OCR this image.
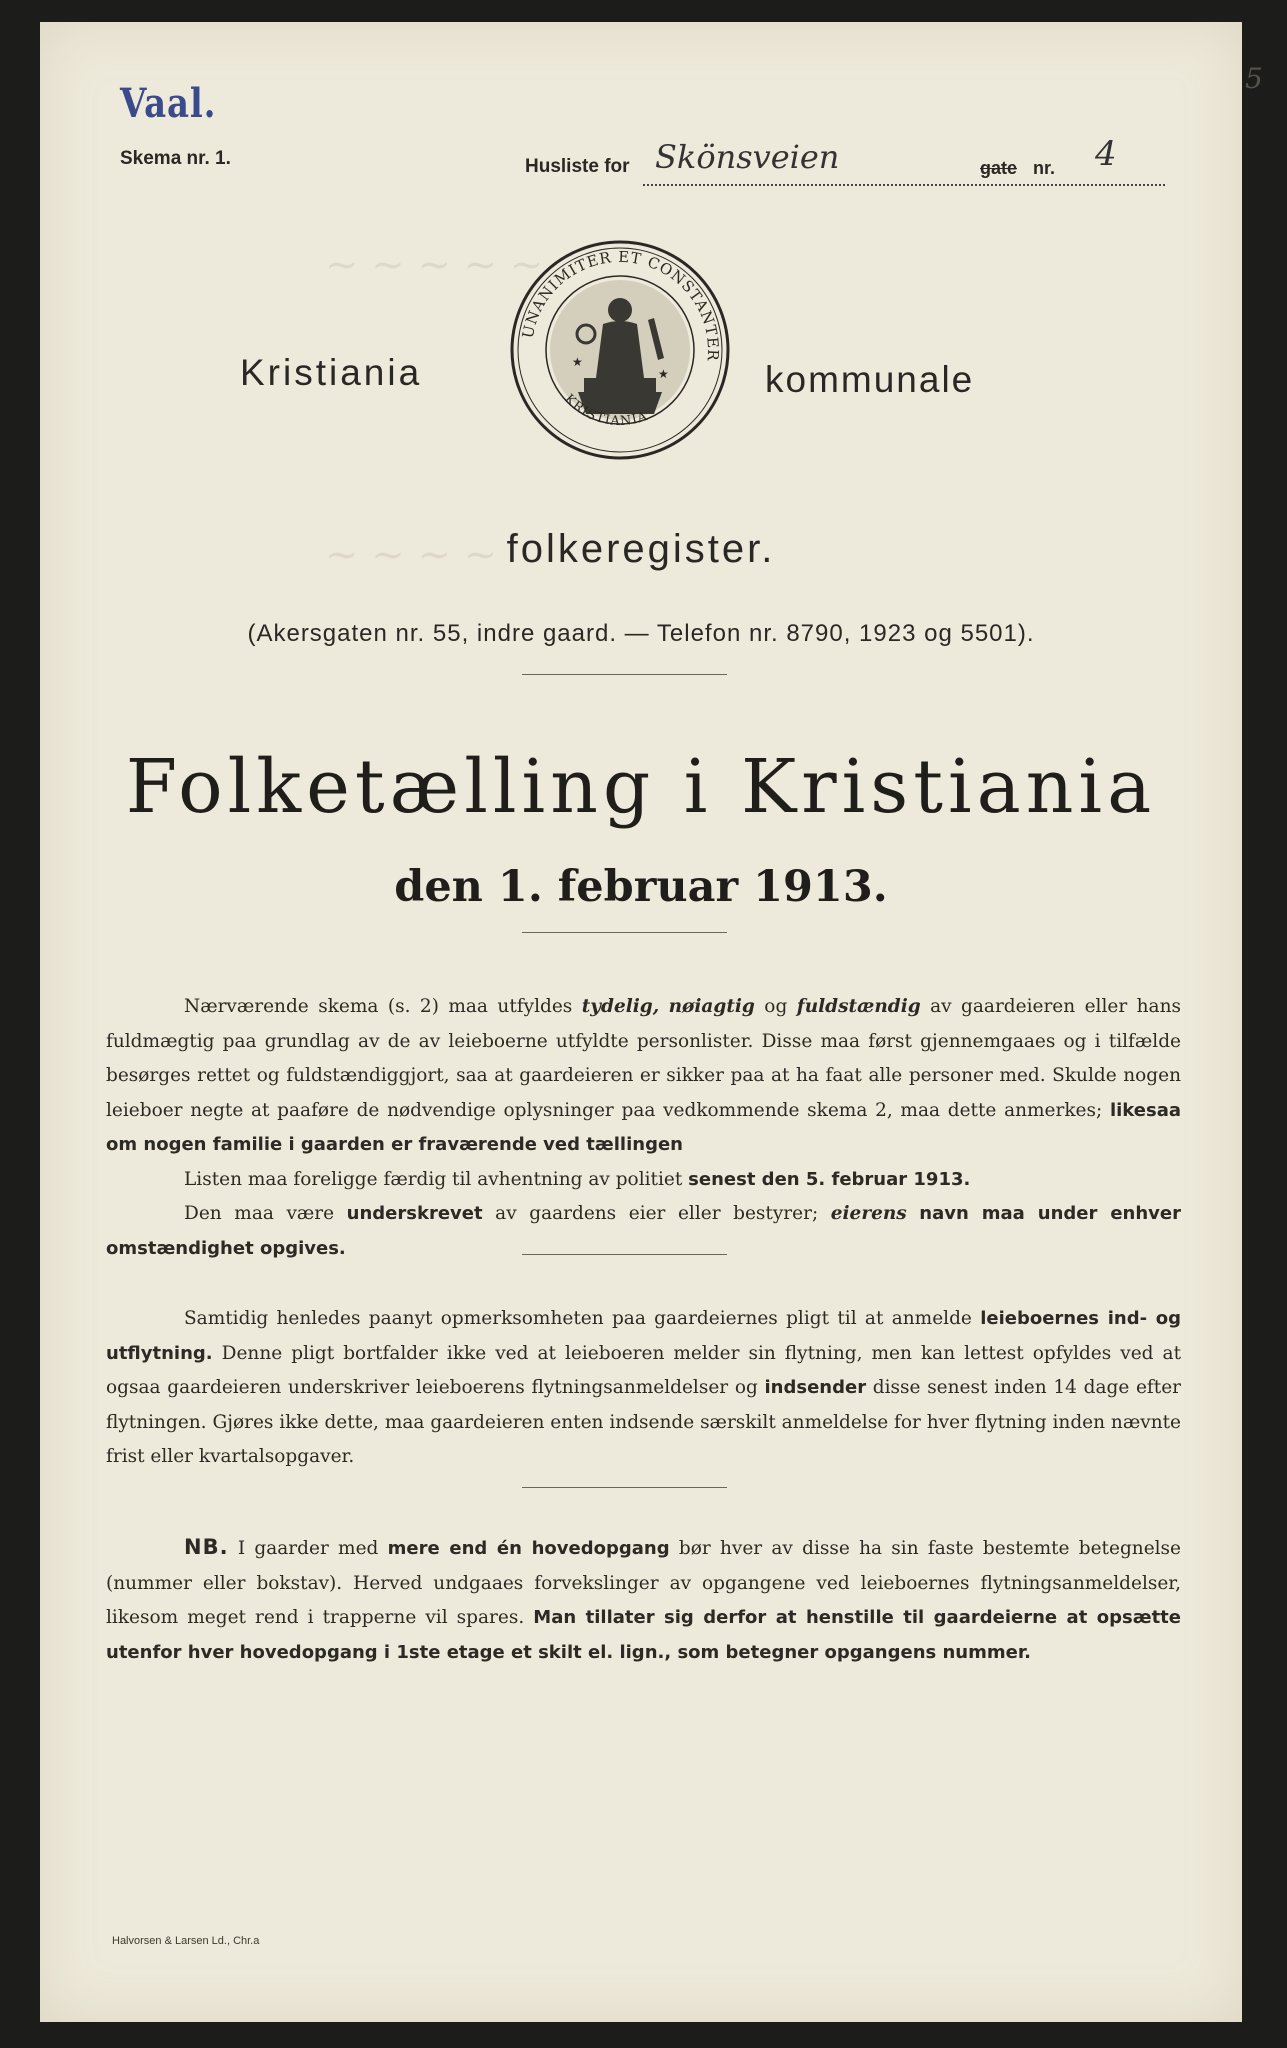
~ ~ ~ ~ ~
~ ~ ~ ~
5
Vaal.
Skema nr. 1.	Husliste for Skönsveien	gate nr. 4
Kristiania
UNANIMITER ET CONSTANTER
★
★
KRISTIANIA
kommunale
folkeregister.
(Akersgaten nr. 55, indre gaard. — Telefon nr. 8790, 1923 og 5501).
Folketælling i Kristiania
den 1. februar 1913.

Nærværende skema (s. 2) maa utfyldes tydelig, nøiagtig og fuldstændig av gaardeieren eller hans fuldmægtig paa grundlag av de av leieboerne utfyldte personlister. Disse maa først gjennemgaaes og i tilfælde besørges rettet og fuldstændiggjort, saa at gaardeieren er sikker paa at ha faat alle personer med. Skulde nogen leieboer negte at paaføre de nødvendige oplysninger paa vedkommende skema 2, maa dette anmerkes; likesaa om nogen familie i gaarden er fraværende ved tællingen

Listen maa foreligge færdig til avhentning av politiet senest den 5. februar 1913.

Den maa være underskrevet av gaardens eier eller bestyrer; eierens navn maa under enhver omstændighet opgives.

Samtidig henledes paanyt opmerksomheten paa gaardeiernes pligt til at anmelde leieboernes ind- og utflytning. Denne pligt bortfalder ikke ved at leieboeren melder sin flytning, men kan lettest opfyldes ved at ogsaa gaardeieren underskriver leieboerens flytningsanmeldelser og indsender disse senest inden 14 dage efter flytningen. Gjøres ikke dette, maa gaardeieren enten indsende særskilt anmeldelse for hver flytning inden nævnte frist eller kvartalsopgaver.

NB. I gaarder med mere end én hovedopgang bør hver av disse ha sin faste bestemte betegnelse (nummer eller bokstav). Herved undgaaes forvekslinger av opgangene ved leieboernes flytningsanmeldelser, likesom meget rend i trapperne vil spares. Man tillater sig derfor at henstille til gaardeierne at opsætte utenfor hver hovedopgang i 1ste etage et skilt el. lign., som betegner opgangens nummer.

Halvorsen & Larsen Ld., Chr.a
